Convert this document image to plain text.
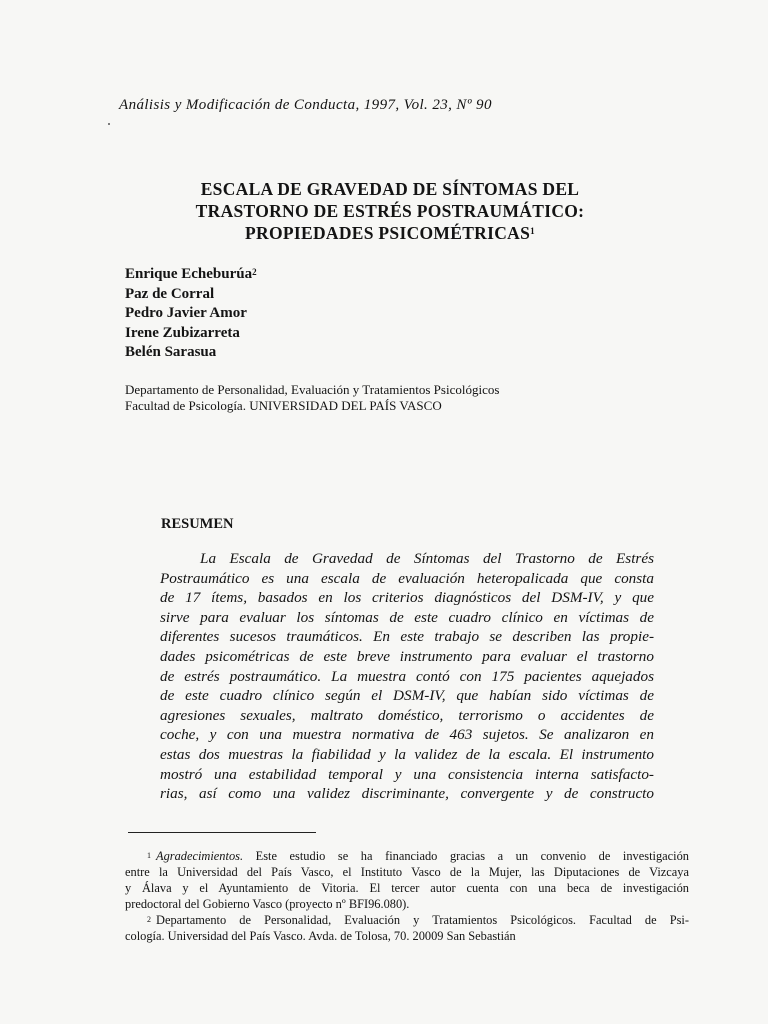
Análisis y Modificación de Conducta, 1997, Vol. 23, Nº 90
ESCALA DE GRAVEDAD DE SÍNTOMAS DEL
TRASTORNO DE ESTRÉS POSTRAUMÁTICO:
PROPIEDADES PSICOMÉTRICAS$^1$
Enrique Echeburúa$^2$
Paz de Corral
Pedro Javier Amor
Irene Zubizarreta
Belén Sarasua
Departamento de Personalidad, Evaluación y Tratamientos Psicológicos
Facultad de Psicología. UNIVERSIDAD DEL PAÍS VASCO
RESUMEN
La Escala de Gravedad de Síntomas del Trastorno de Estrés
Postraumático es una escala de evaluación heteropalicada que consta
de 17 ítems, basados en los criterios diagnósticos del DSM-IV, y que
sirve para evaluar los síntomas de este cuadro clínico en víctimas de
diferentes sucesos traumáticos. En este trabajo se describen las propie-
dades psicométricas de este breve instrumento para evaluar el trastorno
de estrés postraumático. La muestra contó con 175 pacientes aquejados
de este cuadro clínico según el DSM-IV, que habían sido víctimas de
agresiones sexuales, maltrato doméstico, terrorismo o accidentes de
coche, y con una muestra normativa de 463 sujetos. Se analizaron en
estas dos muestras la fiabilidad y la validez de la escala. El instrumento
mostró una estabilidad temporal y una consistencia interna satisfacto-
rias, así como una validez discriminante, convergente y de constructo
$^1$ Agradecimientos. Este estudio se ha financiado gracias a un convenio de investigación
entre la Universidad del País Vasco, el Instituto Vasco de la Mujer, las Diputaciones de Vizcaya
y Álava y el Ayuntamiento de Vitoria. El tercer autor cuenta con una beca de investigación
predoctoral del Gobierno Vasco (proyecto nº BFI96.080).
$^2$ Departamento de Personalidad, Evaluación y Tratamientos Psicológicos. Facultad de Psi-
cología. Universidad del País Vasco. Avda. de Tolosa, 70. 20009 San Sebastián
